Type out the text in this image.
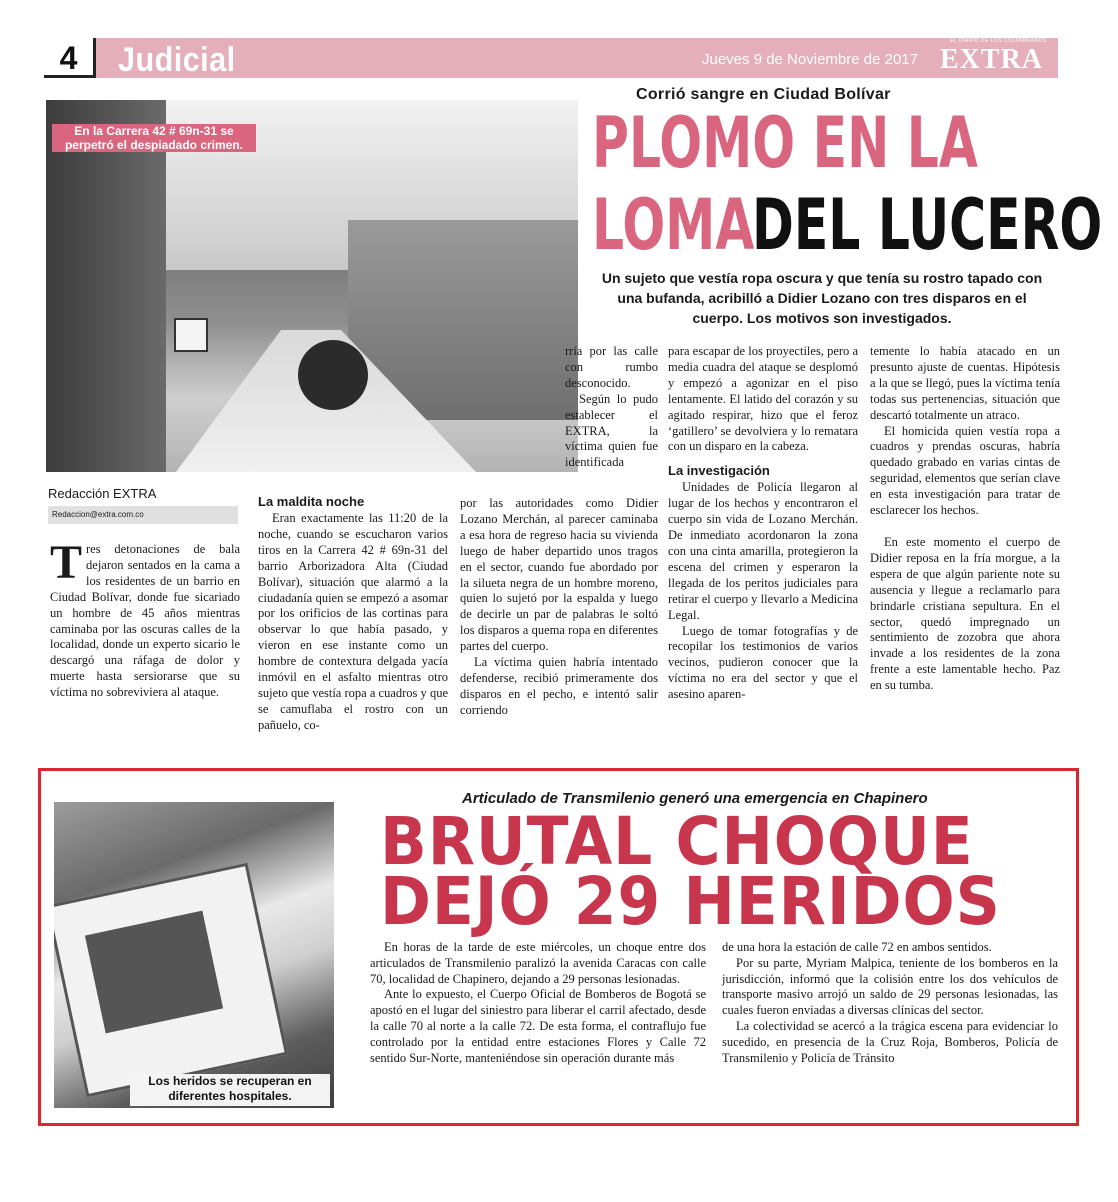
4	Judicial	Jueves 9 de Noviembre de 2017
EL DIARIO DE LOS COLOMBIANOS
EXTRA
En la Carrera 42 # 69n-31 se perpetró el despiadado crimen.
Corrió sangre en Ciudad Bolívar
PLOMO EN LA
LOMA
DEL LUCERO
Un sujeto que vestía ropa oscura y que tenía su rostro tapado con una bufanda, acribilló a Didier Lozano con tres disparos en el cuerpo. Los motivos son investigados.
Redacción EXTRA
Redaccion@extra.com.co
T res detonaciones de bala dejaron sentados en la cama a los residentes de un barrio en Ciudad Bolívar, donde fue sicariado un hombre de 45 años mientras caminaba por las oscuras calles de la localidad, donde un experto sicario le descargó una ráfaga de dolor y muerte hasta sersiorarse que su víctima no sobreviviera al ataque.

La maldita noche

Eran exactamente las 11:20 de la noche, cuando se escucharon varios tiros en la Carrera 42 # 69n-31 del barrio Arborizadora Alta (Ciudad Bolívar), situación que alarmó a la ciudadanía quien se empezó a asomar por los orificios de las cortinas para observar lo que había pasado, y vieron en ese instante como un hombre de contextura delgada yacía inmóvil en el asfalto mientras otro sujeto que vestía ropa a cuadros y que se camuflaba el rostro con un pañuelo, co-

rría por las calle con rumbo desconocido.

Según lo pudo establecer el EXTRA, la víctima quien fue identificada

por las autoridades como Didier Lozano Merchán, al parecer caminaba a esa hora de regreso hacia su vivienda luego de haber departido unos tragos en el sector, cuando fue abordado por la silueta negra de un hombre moreno, quien lo sujetó por la espalda y luego de decirle un par de palabras le soltó los disparos a quema ropa en diferentes partes del cuerpo.

La víctima quien habría intentado defenderse, recibió primeramente dos disparos en el pecho, e intentó salir corriendo

para escapar de los proyectiles, pero a media cuadra del ataque se desplomó y empezó a agonizar en el piso lentamente. El latido del corazón y su agitado respirar, hizo que el feroz ‘gatillero’ se devolviera y lo rematara con un disparo en la cabeza.

La investigación

Unidades de Policía llegaron al lugar de los hechos y encontraron el cuerpo sin vida de Lozano Merchán. De inmediato acordonaron la zona con una cinta amarilla, protegieron la escena del crimen y esperaron la llegada de los peritos judiciales para retirar el cuerpo y llevarlo a Medicina Legal.

Luego de tomar fotografías y de recopilar los testimonios de varios vecinos, pudieron conocer que la víctima no era del sector y que el asesino aparen-

temente lo había atacado en un presunto ajuste de cuentas. Hipótesis a la que se llegó, pues la víctima tenía todas sus pertenencias, situación que descartó totalmente un atraco.

El homicida quien vestía ropa a cuadros y prendas oscuras, habría quedado grabado en varias cintas de seguridad, elementos que serían clave en esta investigación para tratar de esclarecer los hechos.

En este momento el cuerpo de Didier reposa en la fría morgue, a la espera de que algún pariente note su ausencia y llegue a reclamarlo para brindarle cristiana sepultura. En el sector, quedó impregnado un sentimiento de zozobra que ahora invade a los residentes de la zona frente a este lamentable hecho. Paz en su tumba.

Los heridos se recuperan en diferentes hospitales.
Articulado de Transmilenio generó una emergencia en Chapinero
BRUTAL CHOQUE
DEJÓ 29 HERIDOS

En horas de la tarde de este miércoles, un choque entre dos articulados de Transmilenio paralizó la avenida Caracas con calle 70, localidad de Chapinero, dejando a 29 personas lesionadas.

Ante lo expuesto, el Cuerpo Oficial de Bomberos de Bogotá se apostó en el lugar del siniestro para liberar el carril afectado, desde la calle 70 al norte a la calle 72. De esta forma, el contraflujo fue controlado por la entidad entre estaciones Flores y Calle 72 sentido Sur-Norte, manteniéndose sin operación durante más

de una hora la estación de calle 72 en ambos sentidos.

Por su parte, Myriam Malpica, teniente de los bomberos en la jurisdicción, informó que la colisión entre los dos vehículos de transporte masivo arrojó un saldo de 29 personas lesionadas, las cuales fueron enviadas a diversas clínicas del sector.

La colectividad se acercó a la trágica escena para evidenciar lo sucedido, en presencia de la Cruz Roja, Bomberos, Policía de Transmilenio y Policía de Tránsito
